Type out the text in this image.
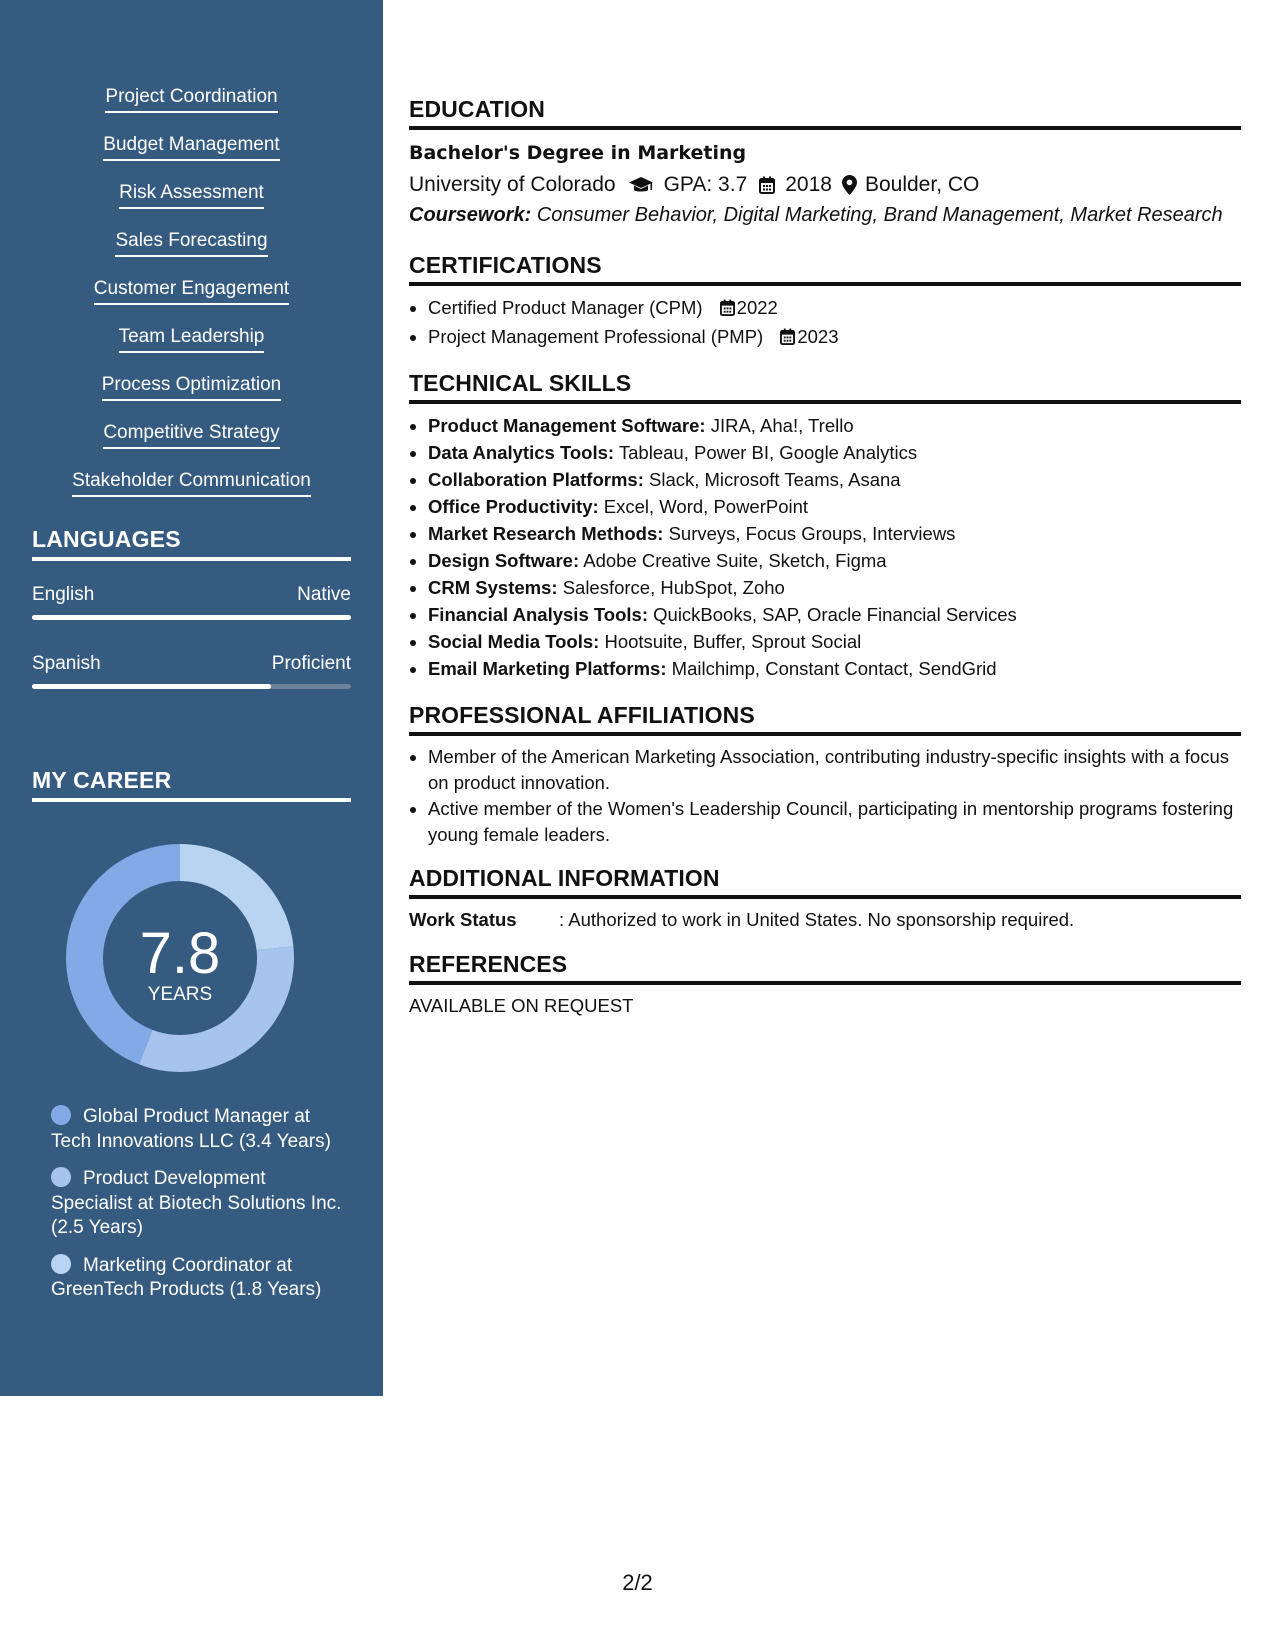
Project Coordination
Budget Management
Risk Assessment
Sales Forecasting
Customer Engagement
Team Leadership
Process Optimization
Competitive Strategy
Stakeholder Communication
LANGUAGES
English	Native
Spanish	Proficient
MY CAREER
7.8
YEARS
Global Product Manager at Tech Innovations LLC (3.4 Years)
Product Development Specialist at Biotech Solutions Inc. (2.5 Years)
Marketing Coordinator at GreenTech Products (1.8 Years)
EDUCATION
Bachelor's Degree in Marketing
University of Colorado GPA: 3.7 2018 Boulder, CO
Coursework: Consumer Behavior, Digital Marketing, Brand Management, Market Research
CERTIFICATIONS
• Certified Product Manager (CPM) 2022
• Project Management Professional (PMP) 2023
TECHNICAL SKILLS
• Product Management Software: JIRA, Aha!, Trello
• Data Analytics Tools: Tableau, Power BI, Google Analytics
• Collaboration Platforms: Slack, Microsoft Teams, Asana
• Office Productivity: Excel, Word, PowerPoint
• Market Research Methods: Surveys, Focus Groups, Interviews
• Design Software: Adobe Creative Suite, Sketch, Figma
• CRM Systems: Salesforce, HubSpot, Zoho
• Financial Analysis Tools: QuickBooks, SAP, Oracle Financial Services
• Social Media Tools: Hootsuite, Buffer, Sprout Social
• Email Marketing Platforms: Mailchimp, Constant Contact, SendGrid
PROFESSIONAL AFFILIATIONS
• Member of the American Marketing Association, contributing industry-specific insights with a focus on product innovation.
• Active member of the Women's Leadership Council, participating in mentorship programs fostering young female leaders.
ADDITIONAL INFORMATION
Work Status : Authorized to work in United States. No sponsorship required.
REFERENCES
AVAILABLE ON REQUEST
2/2
